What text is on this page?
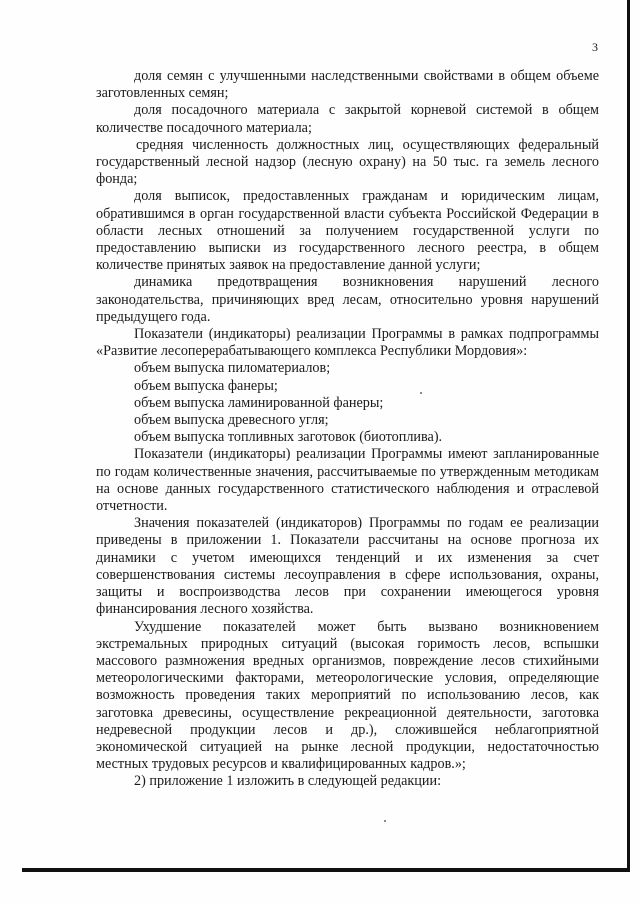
3

доля семян с улучшенными наследственными свойствами в общем объеме заготовленных семян;

доля посадочного материала с закрытой корневой системой в общем количестве посадочного материала;

средняя численность должностных лиц, осуществляющих федеральный государственный лесной надзор (лесную охрану) на 50 тыс. га земель лесного фонда;

доля выписок, предоставленных гражданам и юридическим лицам, обратившимся в орган государственной власти субъекта Российской Федерации в области лесных отношений за получением государственной услуги по предоставлению выписки из государственного лесного реестра, в общем количестве принятых заявок на предоставление данной услуги;

динамика предотвращения возникновения нарушений лесного законодательства, причиняющих вред лесам, относительно уровня нарушений предыдущего года.

Показатели (индикаторы) реализации Программы в рамках подпрограммы «Развитие лесоперерабатывающего комплекса Республики Мордовия»:

объем выпуска пиломатериалов;

объем выпуска фанеры;

объем выпуска ламинированной фанеры;

объем выпуска древесного угля;

объем выпуска топливных заготовок (биотоплива).

Показатели (индикаторы) реализации Программы имеют запланированные по годам количественные значения, рассчитываемые по утвержденным методикам на основе данных государственного статистического наблюдения и отраслевой отчетности.

Значения показателей (индикаторов) Программы по годам ее реализации приведены в приложении 1. Показатели рассчитаны на основе прогноза их динамики с учетом имеющихся тенденций и их изменения за счет совершенствования системы лесоуправления в сфере использования, охраны, защиты и воспроизводства лесов при сохранении имеющегося уровня финансирования лесного хозяйства.

Ухудшение показателей может быть вызвано возникновением экстремальных природных ситуаций (высокая горимость лесов, вспышки массового размножения вредных организмов, повреждение лесов стихийными метеорологическими факторами, метеорологические условия, определяющие возможность проведения таких мероприятий по использованию лесов, как заготовка древесины, осуществление рекреационной деятельности, заготовка недревесной продукции лесов и др.), сложившейся неблагоприятной экономической ситуацией на рынке лесной продукции, недостаточностью местных трудовых ресурсов и квалифицированных кадров.»;

2) приложение 1 изложить в следующей редакции:
